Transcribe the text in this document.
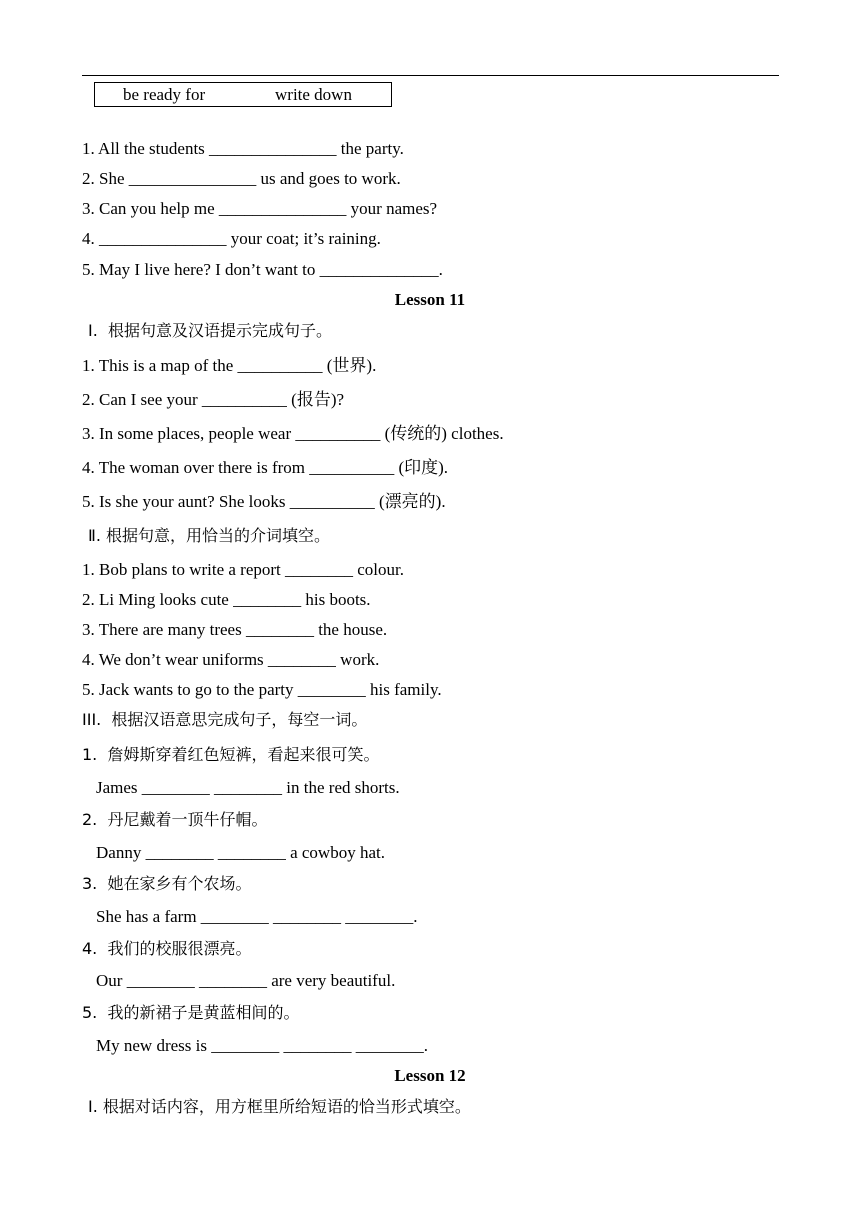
be ready for	write down
1. All the students _______________ the party.
2. She _______________ us and goes to work.
3. Can you help me _______________ your names?
4. _______________ your coat; it’s raining.
5. May I live here? I don’t want to ______________.
Lesson 11
Ⅰ.  根据句意及汉语提示完成句子。
1. This is a map of the __________ (世界).
2. Can I see your __________ (报告)?
3. In some places, people wear __________ (传统的) clothes.
4. The woman over there is from __________ (印度).
5. Is she your aunt? She looks __________ (漂亮的).
Ⅱ. 根据句意，用恰当的介词填空。
1. Bob plans to write a report ________ colour.
2. Li Ming looks cute ________ his boots.
3. There are many trees ________ the house.
4. We don’t wear uniforms ________ work.
5. Jack wants to go to the party ________ his family.
III.  根据汉语意思完成句子，每空一词。
1.  詹姆斯穿着红色短裤，看起来很可笑。
James ________ ________ in the red shorts.
2.  丹尼戴着一顶牛仔帽。
Danny ________ ________ a cowboy hat.
3.  她在家乡有个农场。
She has a farm ________ ________ ________.
4.  我们的校服很漂亮。
Our ________ ________ are very beautiful.
5.  我的新裙子是黄蓝相间的。
My new dress is ________ ________ ________.
Lesson 12
Ⅰ. 根据对话内容，用方框里所给短语的恰当形式填空。
